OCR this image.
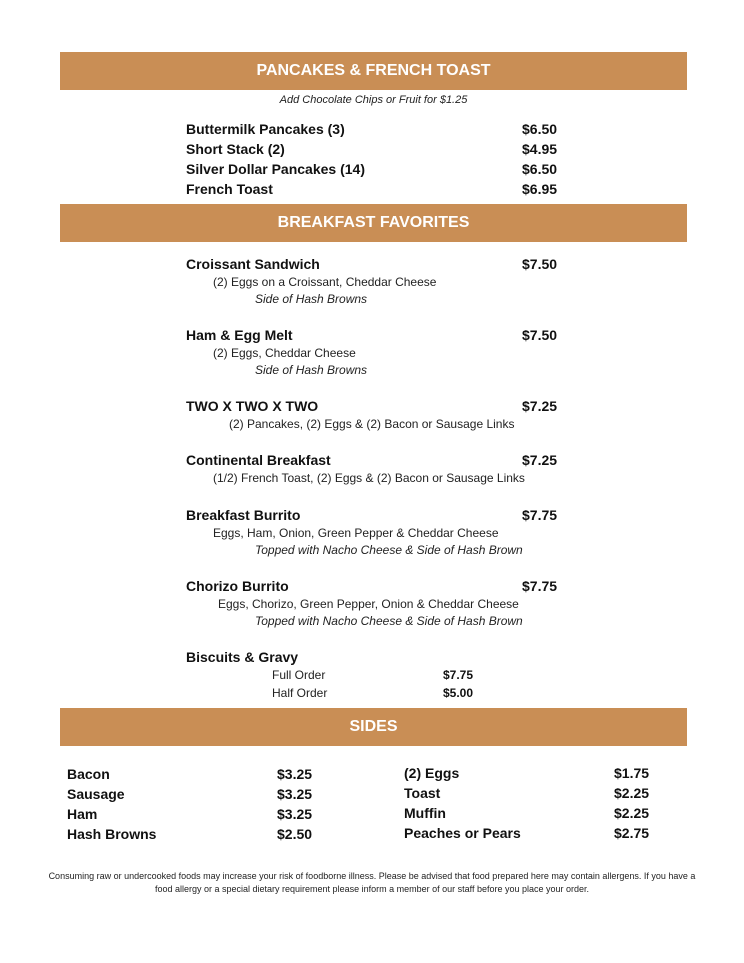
PANCAKES & FRENCH TOAST
Add Chocolate Chips or Fruit for $1.25
Buttermilk Pancakes (3)	$6.50
Short Stack (2)	$4.95
Silver Dollar Pancakes (14)	$6.50
French Toast	$6.95
BREAKFAST FAVORITES
Croissant Sandwich	$7.50
(2) Eggs on a Croissant, Cheddar Cheese
Side of Hash Browns
Ham & Egg Melt	$7.50
(2) Eggs, Cheddar Cheese
Side of Hash Browns
TWO X TWO X TWO	$7.25
(2) Pancakes, (2) Eggs & (2) Bacon or Sausage Links
Continental Breakfast	$7.25
(1/2) French Toast, (2) Eggs & (2) Bacon or Sausage Links
Breakfast Burrito	$7.75
Eggs, Ham, Onion, Green Pepper & Cheddar Cheese
Topped with Nacho Cheese & Side of Hash Brown
Chorizo Burrito	$7.75
Eggs, Chorizo, Green Pepper, Onion & Cheddar Cheese
Topped with Nacho Cheese & Side of Hash Brown
Biscuits & Gravy
Full Order	$7.75
Half Order	$5.00
SIDES
Bacon	$3.25
Sausage	$3.25
Ham	$3.25
Hash Browns	$2.50
(2) Eggs	$1.75
Toast	$2.25
Muffin	$2.25
Peaches or Pears	$2.75
Consuming raw or undercooked foods may increase your risk of foodborne illness. Please be advised that food prepared here may contain allergens. If you have a food allergy or a special dietary requirement please inform a member of our staff before you place your order.
